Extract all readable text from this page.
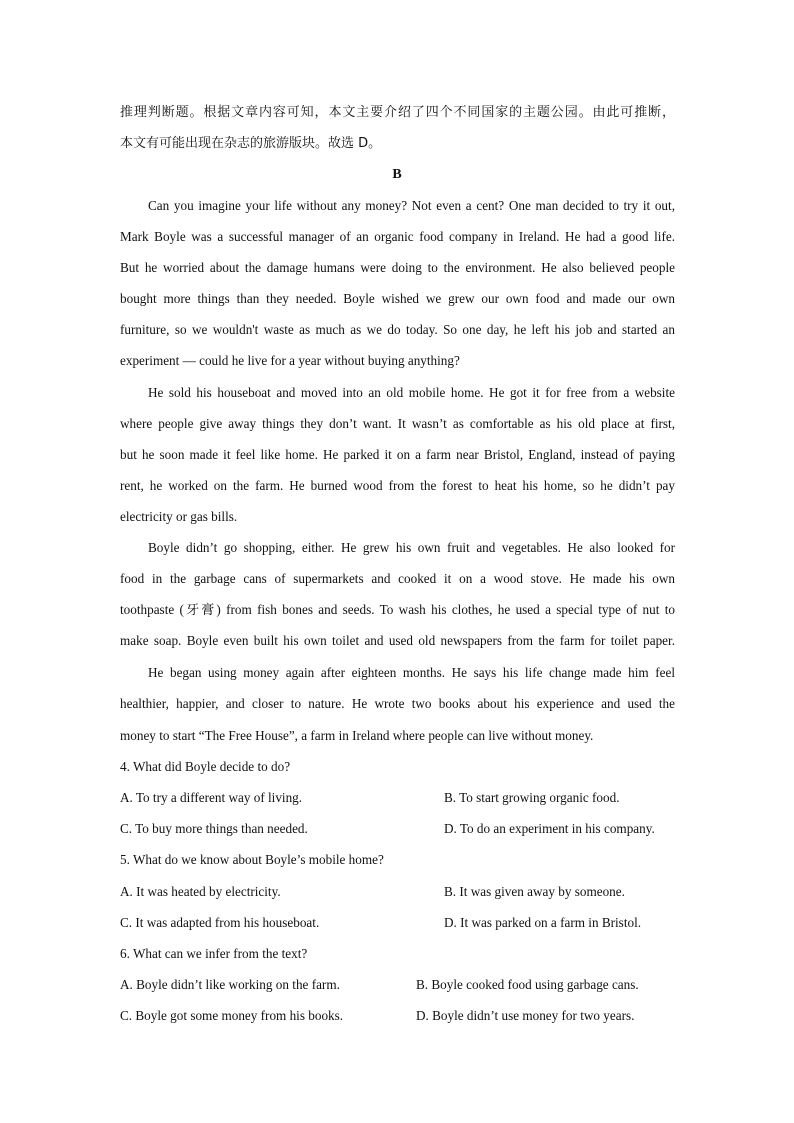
推理判断题。根据文章内容可知，本文主要介绍了四个不同国家的主题公园。由此可推断，
本文有可能出现在杂志的旅游版块。故选 D。
B
Can you imagine your life without any money? Not even a cent? One man decided to try it out,
Mark Boyle was a successful manager of an organic food company in Ireland. He had a good life.
But he worried about the damage humans were doing to the environment. He also believed people
bought more things than they needed. Boyle wished we grew our own food and made our own
furniture, so we wouldn't waste as much as we do today. So one day, he left his job and started an
experiment — could he live for a year without buying anything?
He sold his houseboat and moved into an old mobile home. He got it for free from a website
where people give away things they don’t want. It wasn’t as comfortable as his old place at first,
but he soon made it feel like home. He parked it on a farm near Bristol, England, instead of paying
rent, he worked on the farm. He burned wood from the forest to heat his home, so he didn’t pay
electricity or gas bills.
Boyle didn’t go shopping, either. He grew his own fruit and vegetables. He also looked for
food in the garbage cans of supermarkets and cooked it on a wood stove. He made his own
toothpaste (牙膏) from fish bones and seeds. To wash his clothes, he used a special type of nut to
make soap. Boyle even built his own toilet and used old newspapers from the farm for toilet paper.
He began using money again after eighteen months. He says his life change made him feel
healthier, happier, and closer to nature. He wrote two books about his experience and used the
money to start “The Free House”, a farm in Ireland where people can live without money.
4. What did Boyle decide to do?
A. To try a different way of living.	B. To start growing organic food.
C. To buy more things than needed.	D. To do an experiment in his company.
5. What do we know about Boyle’s mobile home?
A. It was heated by electricity.	B. It was given away by someone.
C. It was adapted from his houseboat.	D. It was parked on a farm in Bristol.
6. What can we infer from the text?
A. Boyle didn’t like working on the farm.	B. Boyle cooked food using garbage cans.
C. Boyle got some money from his books.	D. Boyle didn’t use money for two years.
